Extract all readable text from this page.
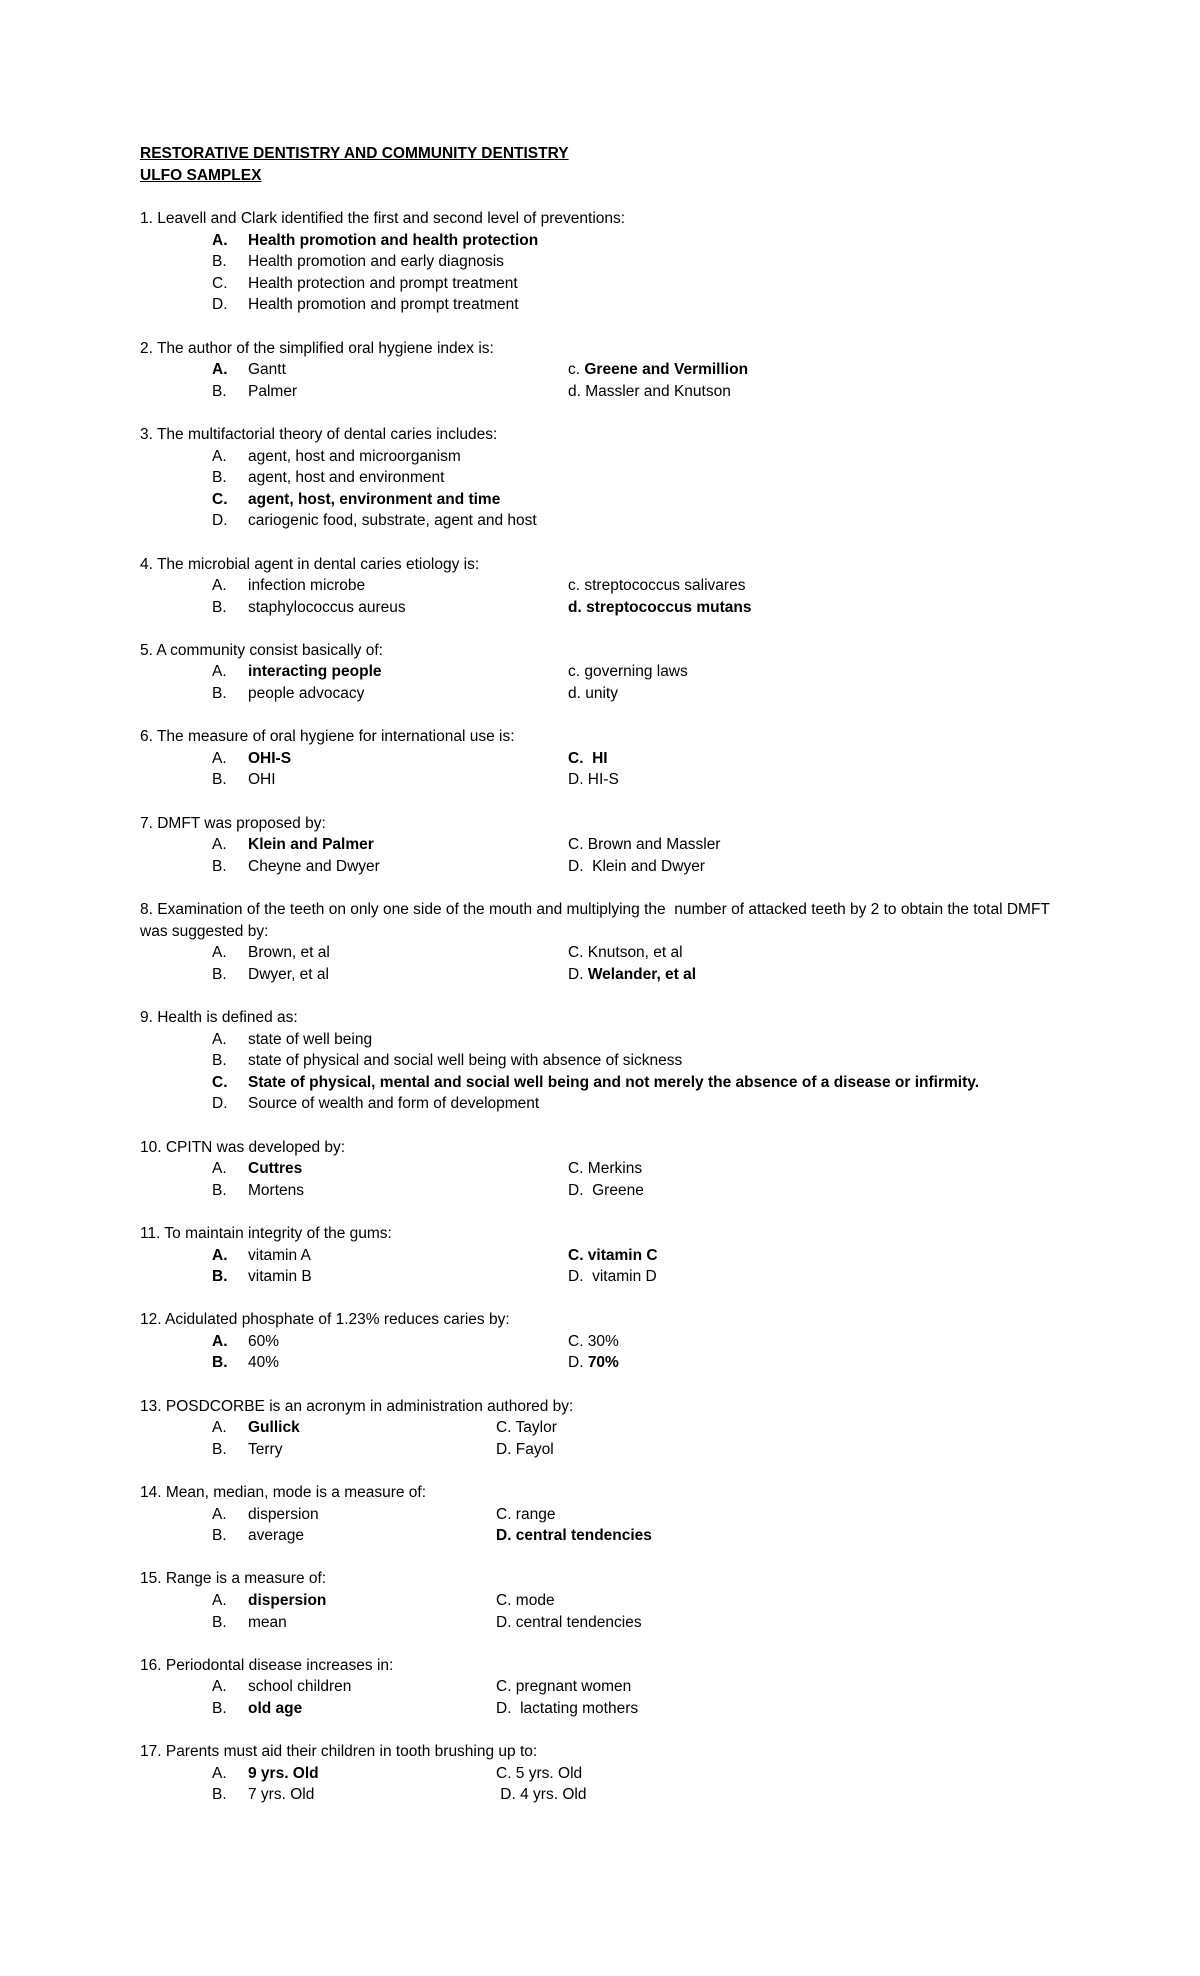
RESTORATIVE DENTISTRY AND COMMUNITY DENTISTRY
ULFO SAMPLEX
1. Leavell and Clark identified the first and second level of preventions:
A.	Health promotion and health protection
B.	Health promotion and early diagnosis
C.	Health protection and prompt treatment
D.	Health promotion and prompt treatment
2. The author of the simplified oral hygiene index is:
A.	Gantt	c. Greene and Vermillion
B.	Palmer	d. Massler and Knutson
3. The multifactorial theory of dental caries includes:
A.	agent, host and microorganism
B.	agent, host and environment
C.	agent, host, environment and time
D.	cariogenic food, substrate, agent and host
4. The microbial agent in dental caries etiology is:
A.	infection microbe	c. streptococcus salivares
B.	staphylococcus aureus	d. streptococcus mutans
5. A community consist basically of:
A.	interacting people	c. governing laws
B.	people advocacy	d. unity
6. The measure of oral hygiene for international use is:
A.	OHI-S	C.  HI
B.	OHI	D. HI-S
7. DMFT was proposed by:
A.	Klein and Palmer	C. Brown and Massler
B.	Cheyne and Dwyer	D.  Klein and Dwyer
8. Examination of the teeth on only one side of the mouth and multiplying the  number of attacked teeth by 2 to obtain the total DMFT was suggested by:
A.	Brown, et al	C. Knutson, et al
B.	Dwyer, et al	D. Welander, et al
9. Health is defined as:
A.	state of well being
B.	state of physical and social well being with absence of sickness
C.	State of physical, mental and social well being and not merely the absence of a disease or infirmity.
D.	Source of wealth and form of development
10. CPITN was developed by:
A.	Cuttres	C. Merkins
B.	Mortens	D.  Greene
11. To maintain integrity of the gums:
A.	vitamin A	C. vitamin C
B.	vitamin B	D.  vitamin D
12. Acidulated phosphate of 1.23% reduces caries by:
A.	60%	C. 30%
B.	40%	D. 70%
13. POSDCORBE is an acronym in administration authored by:
A.	Gullick	C. Taylor
B.	Terry	D. Fayol
14. Mean, median, mode is a measure of:
A.	dispersion	C. range
B.	average	D. central tendencies
15. Range is a measure of:
A.	dispersion	C. mode
B.	mean	D. central tendencies
16. Periodontal disease increases in:
A.	school children	C. pregnant women
B.	old age	D.  lactating mothers
17. Parents must aid their children in tooth brushing up to:
A.	9 yrs. Old	C. 5 yrs. Old
B.	7 yrs. Old	D. 4 yrs. Old
